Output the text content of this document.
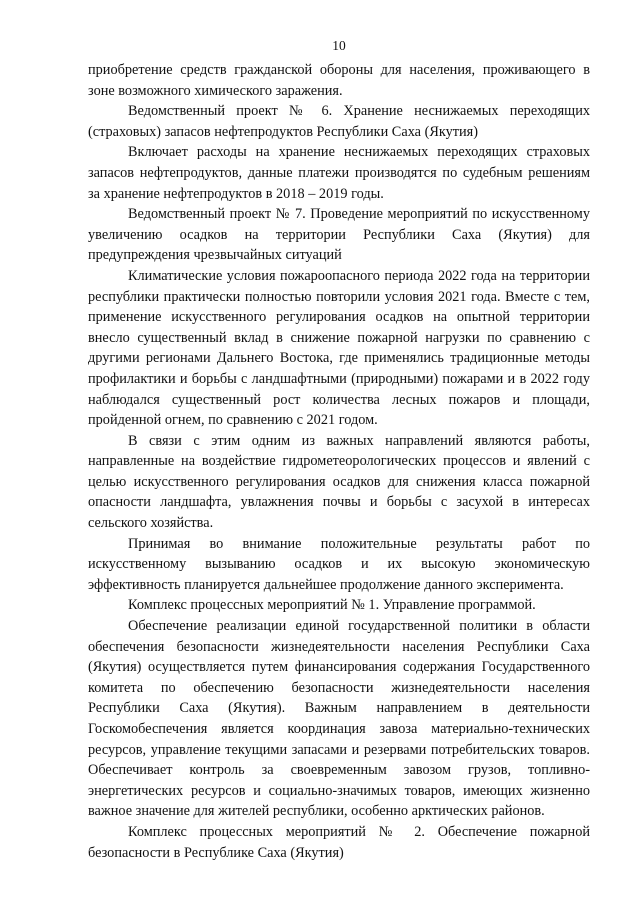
10

приобретение средств гражданской обороны для населения, проживающего в зоне возможного химического заражения.

Ведомственный проект № 6. Хранение неснижаемых переходящих (страховых) запасов нефтепродуктов Республики Саха (Якутия)

Включает расходы на хранение неснижаемых переходящих страховых запасов нефтепродуктов, данные платежи производятся по судебным решениям за хранение нефтепродуктов в 2018 – 2019 годы.

Ведомственный проект № 7. Проведение мероприятий по искусственному увеличению осадков на территории Республики Саха (Якутия) для предупреждения чрезвычайных ситуаций

Климатические условия пожароопасного периода 2022 года на территории республики практически полностью повторили условия 2021 года. Вместе с тем, применение искусственного регулирования осадков на опытной территории внесло существенный вклад в снижение пожарной нагрузки по сравнению с другими регионами Дальнего Востока, где применялись традиционные методы профилактики и борьбы с ландшафтными (природными) пожарами и в 2022 году наблюдался существенный рост количества лесных пожаров и площади, пройденной огнем, по сравнению с 2021 годом.

В связи с этим одним из важных направлений являются работы, направленные на воздействие гидрометеорологических процессов и явлений с целью искусственного регулирования осадков для снижения класса пожарной опасности ландшафта, увлажнения почвы и борьбы с засухой в интересах сельского хозяйства.

Принимая во внимание положительные результаты работ по искусственному вызыванию осадков и их высокую экономическую эффективность планируется дальнейшее продолжение данного эксперимента.

Комплекс процессных мероприятий № 1. Управление программой.

Обеспечение реализации единой государственной политики в области обеспечения безопасности жизнедеятельности населения Республики Саха (Якутия) осуществляется путем финансирования содержания Государственного комитета по обеспечению безопасности жизнедеятельности населения Республики Саха (Якутия). Важным направлением в деятельности Госкомобеспечения является координация завоза материально-технических ресурсов, управление текущими запасами и резервами потребительских товаров. Обеспечивает контроль за своевременным завозом грузов, топливно-энергетических ресурсов и социально-значимых товаров, имеющих жизненно важное значение для жителей республики, особенно арктических районов.

Комплекс процессных мероприятий № 2. Обеспечение пожарной безопасности в Республике Саха (Якутия)
